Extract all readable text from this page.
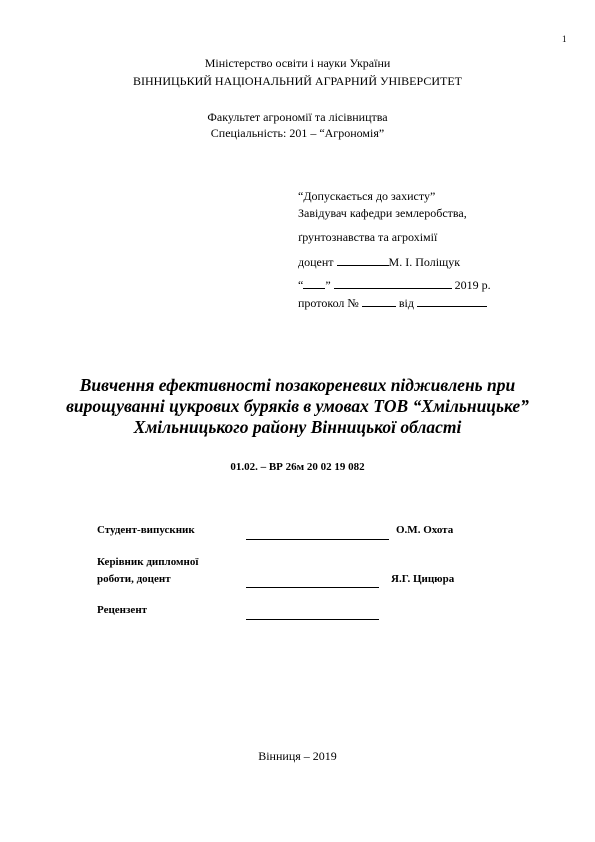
1
Міністерство освіти і науки України
ВІННИЦЬКИЙ НАЦІОНАЛЬНИЙ АГРАРНИЙ УНІВЕРСИТЕТ
Факультет агрономії та лісівництва
Спеціальність: 201 – “Агрономія”
“Допускається до захисту”
Завідувач кафедри землеробства,
ґрунтознавства та агрохімії
доцент	М. І. Поліщук
“ ”	2019 р.
протокол №	від
Вивчення ефективності позакореневих підживлень при
вирощуванні цукрових буряків в умовах ТОВ “Хмільницьке”
Хмільницького району Вінницької області
01.02. – ВР 26м 20 02 19 082
Студент-випускник	О.М. Охота
Керівник дипломної
роботи, доцент	Я.Г. Цицюра
Рецензент
Вінниця – 2019
